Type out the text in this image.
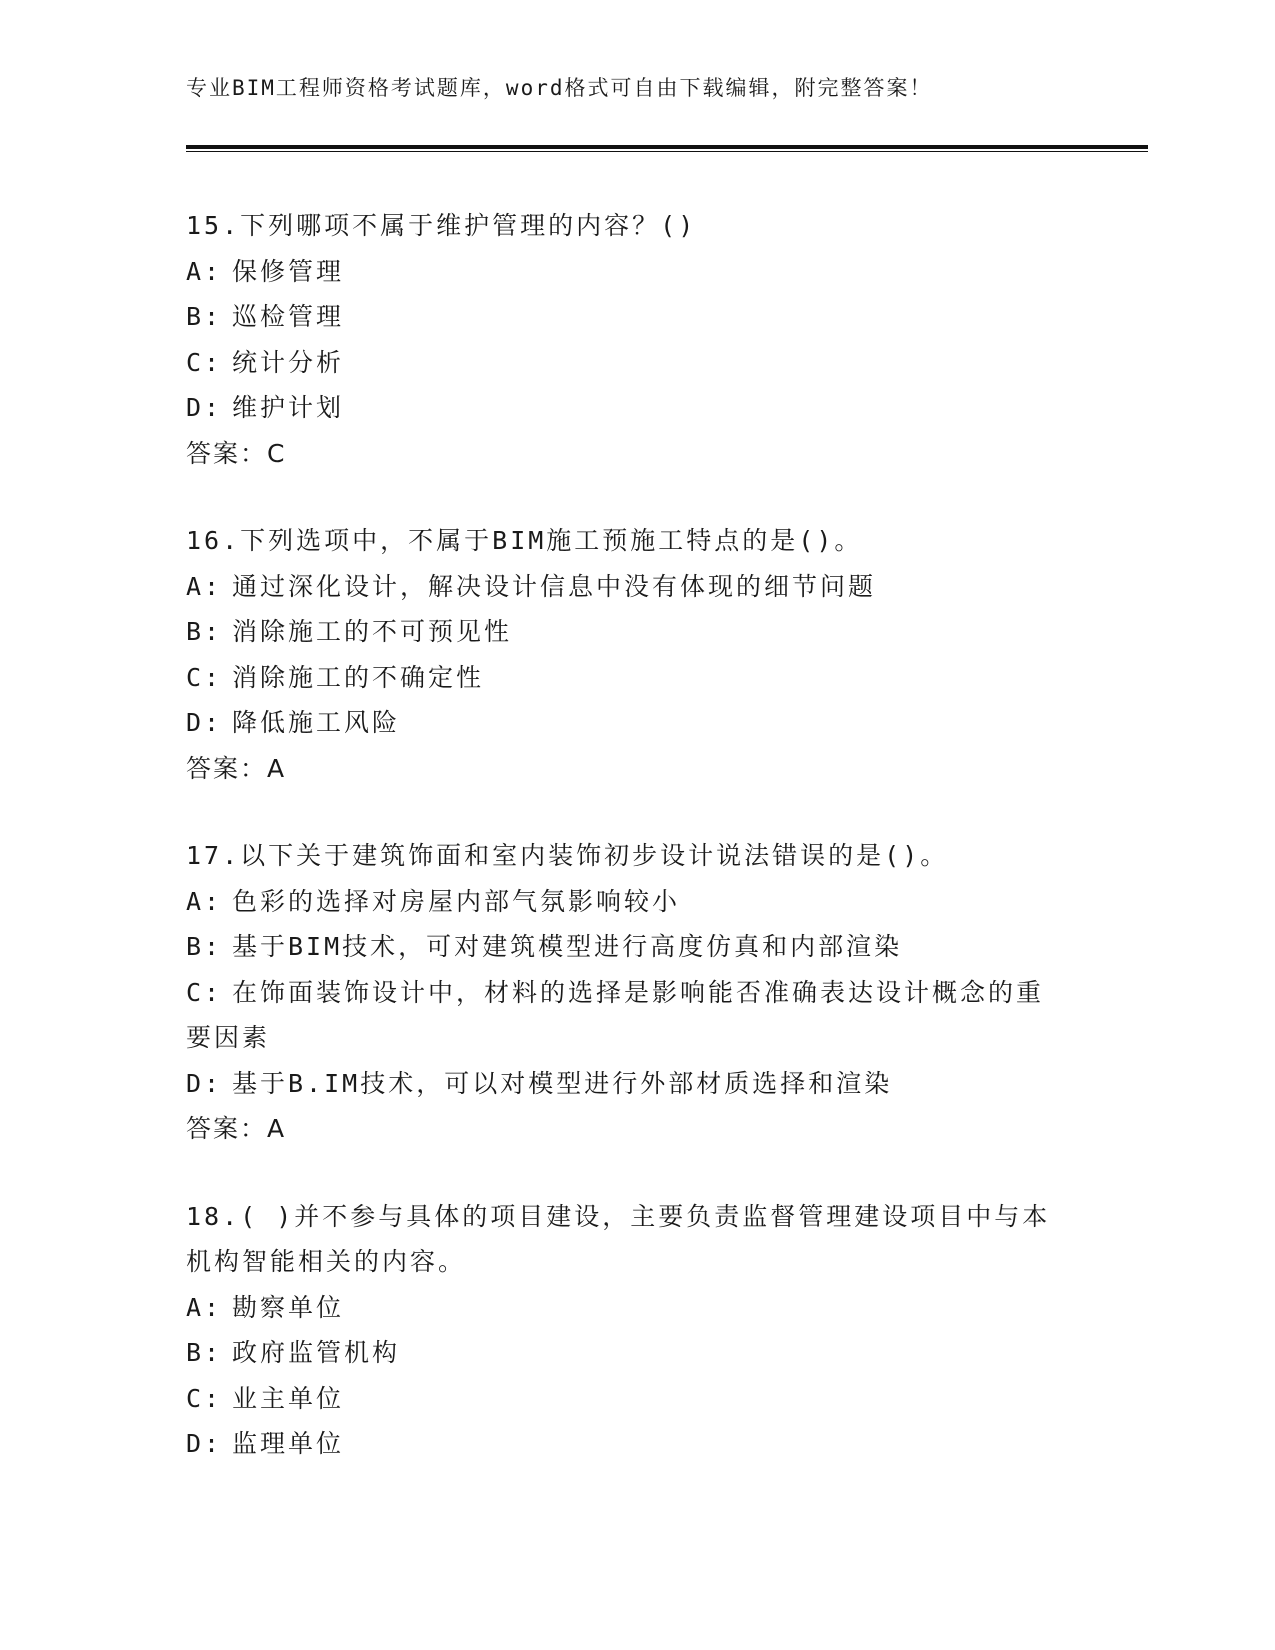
专业BIM工程师资格考试题库，word格式可自由下载编辑，附完整答案！
15.下列哪项不属于维护管理的内容？()
A: 保修管理
B: 巡检管理
C: 统计分析
D: 维护计划
答案：C
16.下列选项中，不属于BIM施工预施工特点的是()。
A: 通过深化设计，解决设计信息中没有体现的细节问题
B: 消除施工的不可预见性
C: 消除施工的不确定性
D: 降低施工风险
答案：A
17.以下关于建筑饰面和室内装饰初步设计说法错误的是()。
A: 色彩的选择对房屋内部气氛影响较小
B: 基于BIM技术，可对建筑模型进行高度仿真和内部渲染
C: 在饰面装饰设计中，材料的选择是影响能否准确表达设计概念的重要因素
D: 基于B.IM技术，可以对模型进行外部材质选择和渲染
答案：A
18.( )并不参与具体的项目建设，主要负责监督管理建设项目中与本机构智能相关的内容。
A: 勘察单位
B: 政府监管机构
C: 业主单位
D: 监理单位
